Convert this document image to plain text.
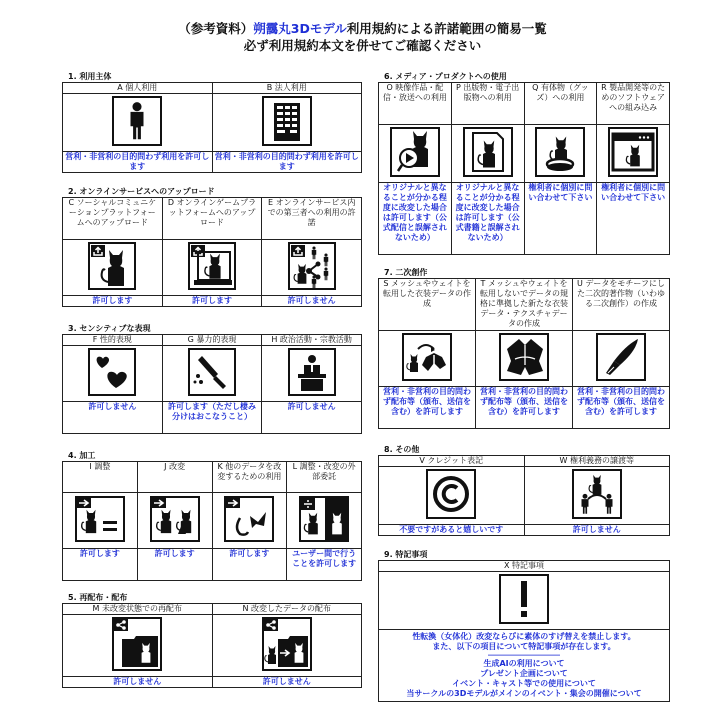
（参考資料）朔靄丸3Dモデル利用規約による許諾範囲の簡易一覧
必ず利用規約本文を併せてご確認ください
1. 利用主体
A 個人利用	B 法人利用

営利・非営利の目的問わず利用を許可します	営利・非営利の目的問わず利用を許可します
2. オンラインサービスへのアップロード
C ソーシャルコミュニケーションプラットフォームへのアップロード	D オンラインゲームプラットフォームへのアップロード	E オンラインサービス内での第三者への利用の許諾

許可します	許可します	許可しません
3. センシティブな表現
F 性的表現	G 暴力的表現	H 政治活動・宗教活動

許可しません	許可します（ただし棲み分けはおこなうこと）	許可しません
4. 加工
I 調整	J 改変	K 他のデータを改変するための利用	L 調整・改変の外部委託

許可します	許可します	許可します	ユーザー間で行うことを許可します
5. 再配布・配布
M 未改変状態での再配布	N 改変したデータの配布

許可しません	許可しません
6. メディア・プロダクトへの使用
O 映像作品・配信・放送への利用	P 出版物・電子出版物への利用	Q 有体物（グッズ）への利用	R 製品開発等のためのソフトウェアへの組み込み

オリジナルと異なることが分かる程度に改変した場合は許可します（公式配信と誤解されないため）	オリジナルと異なることが分かる程度に改変した場合は許可します（公式書籍と誤解されないため）	権利者に個別に問い合わせて下さい	権利者に個別に問い合わせて下さい
7. 二次創作
S メッシュやウェイトを転用した衣装データの作成	T メッシュやウェイトを転用しないでデータの規格に準拠した新たな衣装データ・テクスチャデータの作成	U データをモチーフにした二次的著作物（いわゆる二次創作）の作成

営利・非営利の目的問わず配布等（頒布、送信を含む）を許可します	営利・非営利の目的問わず配布等（頒布、送信を含む）を許可します	営利・非営利の目的問わず配布等（頒布、送信を含む）を許可します
8. その他
V クレジット表記	W 権利義務の譲渡等

不要ですがあると嬉しいです	許可しません
9. 特記事項
X 特記事項

性転換（女体化）改変ならびに素体のすげ替えを禁止します。
また、以下の項目について特記事項が存在します。
――――――――――――
生成AIの利用について
プレゼント企画について
イベント・キャスト等での使用について
当サークルの3Dモデルがメインのイベント・集会の開催について
